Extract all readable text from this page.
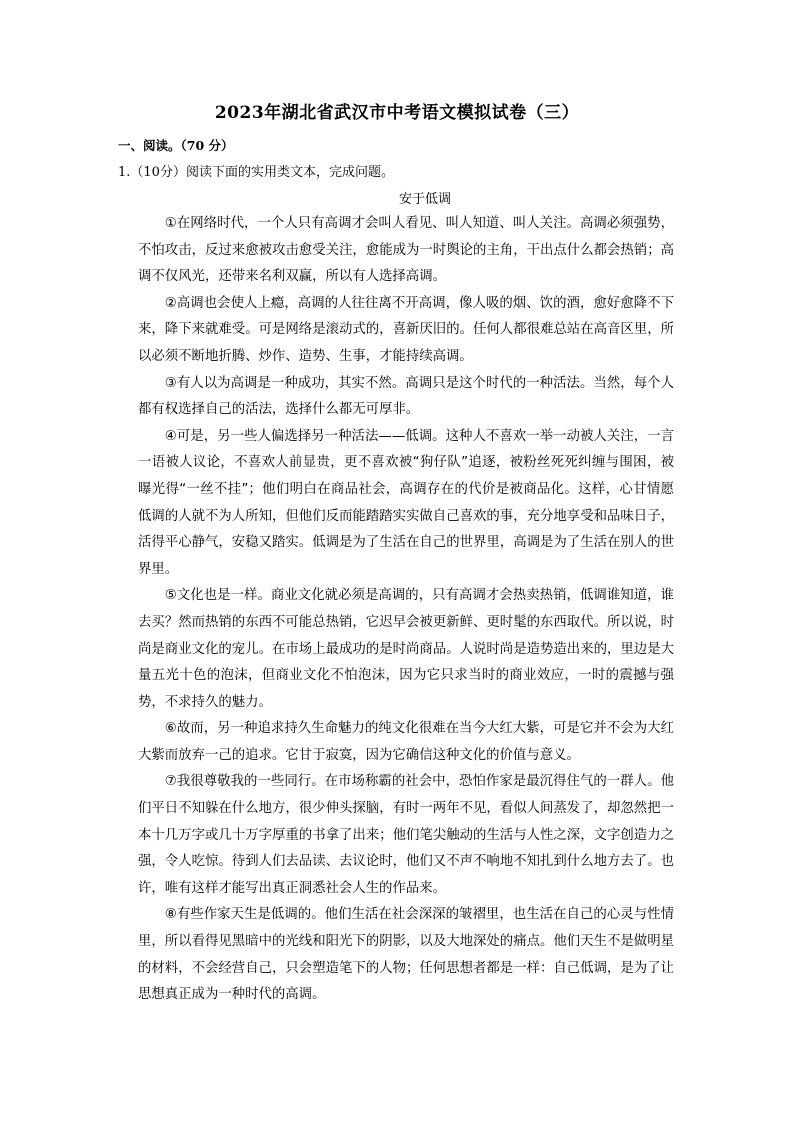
2023年湖北省武汉市中考语文模拟试卷（三）
一、阅读。（70 分）
1.（10分）阅读下面的实用类文本，完成问题。
安于低调

①在网络时代，一个人只有高调才会叫人看见、叫人知道、叫人关注。高调必须强势，不怕攻击，反过来愈被攻击愈受关注，愈能成为一时舆论的主角，干出点什么都会热销；高调不仅风光，还带来名利双赢，所以有人选择高调。

②高调也会使人上瘾，高调的人往往离不开高调，像人吸的烟、饮的酒，愈好愈降不下来，降下来就难受。可是网络是滚动式的，喜新厌旧的。任何人都很难总站在高音区里，所以必须不断地折腾、炒作、造势、生事，才能持续高调。

③有人以为高调是一种成功，其实不然。高调只是这个时代的一种活法。当然，每个人都有权选择自己的活法，选择什么都无可厚非。

④可是，另一些人偏选择另一种活法——低调。这种人不喜欢一举一动被人关注，一言一语被人议论，不喜欢人前显贵，更不喜欢被“狗仔队”追逐，被粉丝死死纠缠与围困，被曝光得“一丝不挂”；他们明白在商品社会，高调存在的代价是被商品化。这样，心甘情愿低调的人就不为人所知，但他们反而能踏踏实实做自己喜欢的事，充分地享受和品味日子，活得平心静气，安稳又踏实。低调是为了生活在自己的世界里，高调是为了生活在别人的世界里。

⑤文化也是一样。商业文化就必须是高调的，只有高调才会热卖热销，低调谁知道，谁去买？然而热销的东西不可能总热销，它迟早会被更新鲜、更时髦的东西取代。所以说，时尚是商业文化的宠儿。在市场上最成功的是时尚商品。人说时尚是造势造出来的，里边是大量五光十色的泡沫，但商业文化不怕泡沫，因为它只求当时的商业效应，一时的震撼与强势，不求持久的魅力。

⑥故而，另一种追求持久生命魅力的纯文化很难在当今大红大紫，可是它并不会为大红大紫而放弃一己的追求。它甘于寂寞，因为它确信这种文化的价值与意义。

⑦我很尊敬我的一些同行。在市场称霸的社会中，恐怕作家是最沉得住气的一群人。他们平日不知躲在什么地方，很少伸头探脑，有时一两年不见，看似人间蒸发了，却忽然把一本十几万字或几十万字厚重的书拿了出来；他们笔尖触动的生活与人性之深，文字创造力之强，令人吃惊。待到人们去品读、去议论时，他们又不声不响地不知扎到什么地方去了。也许，唯有这样才能写出真正洞悉社会人生的作品来。

⑧有些作家天生是低调的。他们生活在社会深深的皱褶里，也生活在自己的心灵与性情里，所以看得见黑暗中的光线和阳光下的阴影，以及大地深处的痛点。他们天生不是做明星的材料，不会经营自己，只会塑造笔下的人物；任何思想者都是一样：自己低调，是为了让思想真正成为一种时代的高调。
